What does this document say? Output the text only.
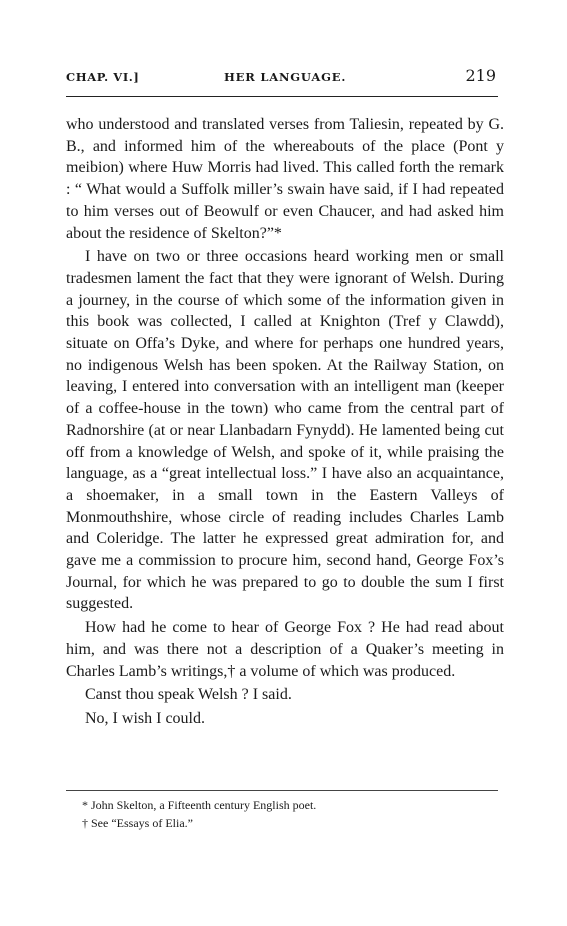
CHAP. VI.]	HER LANGUAGE.	219

who understood and translated verses from Taliesin, repeated by G. B., and informed him of the whereabouts of the place (Pont y meibion) where Huw Morris had lived. This called forth the remark : “ What would a Suffolk miller’s swain have said, if I had repeated to him verses out of Beowulf or even Chaucer, and had asked him about the residence of Skelton?”*

I have on two or three occasions heard working men or small tradesmen lament the fact that they were ignorant of Welsh. During a journey, in the course of which some of the information given in this book was collected, I called at Knighton (Tref y Clawdd), situate on Offa’s Dyke, and where for perhaps one hundred years, no indigenous Welsh has been spoken. At the Railway Station, on leaving, I entered into conversation with an intelligent man (keeper of a coffee-house in the town) who came from the central part of Radnorshire (at or near Llanbadarn Fynydd). He lamented being cut off from a knowledge of Welsh, and spoke of it, while praising the language, as a “great intellectual loss.” I have also an acquaintance, a shoemaker, in a small town in the Eastern Valleys of Monmouthshire, whose circle of reading includes Charles Lamb and Coleridge. The latter he expressed great admiration for, and gave me a commission to procure him, second hand, George Fox’s Journal, for which he was prepared to go to double the sum I first suggested.

How had he come to hear of George Fox ? He had read about him, and was there not a description of a Quaker’s meeting in Charles Lamb’s writings,† a volume of which was produced.

Canst thou speak Welsh ? I said.

No, I wish I could.

* John Skelton, a Fifteenth century English poet.
† See “Essays of Elia.”
